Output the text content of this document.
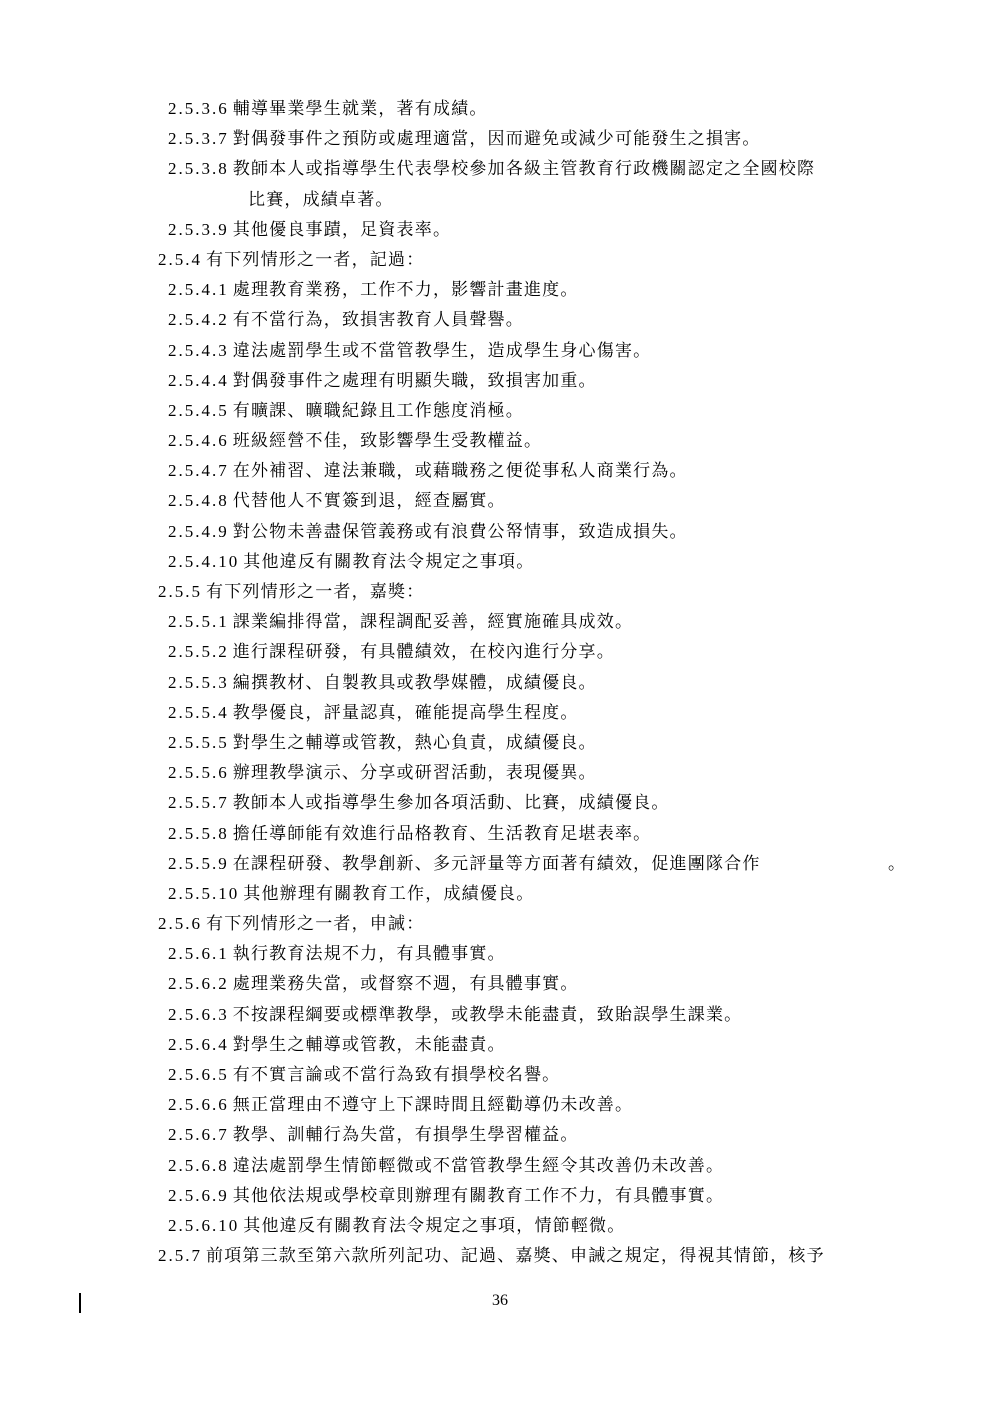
2.5.3.6 輔導畢業學生就業，著有成績。
2.5.3.7 對偶發事件之預防或處理適當，因而避免或減少可能發生之損害。
2.5.3.8 教師本人或指導學生代表學校參加各級主管教育行政機關認定之全國校際
比賽，成績卓著。
2.5.3.9 其他優良事蹟，足資表率。
2.5.4 有下列情形之一者，記過：
2.5.4.1 處理教育業務，工作不力，影響計畫進度。
2.5.4.2 有不當行為，致損害教育人員聲譽。
2.5.4.3 違法處罰學生或不當管教學生，造成學生身心傷害。
2.5.4.4 對偶發事件之處理有明顯失職，致損害加重。
2.5.4.5 有曠課、曠職紀錄且工作態度消極。
2.5.4.6 班級經營不佳，致影響學生受教權益。
2.5.4.7 在外補習、違法兼職，或藉職務之便從事私人商業行為。
2.5.4.8 代替他人不實簽到退，經查屬實。
2.5.4.9 對公物未善盡保管義務或有浪費公帑情事，致造成損失。
2.5.4.10 其他違反有關教育法令規定之事項。
2.5.5 有下列情形之一者，嘉獎：
2.5.5.1 課業編排得當，課程調配妥善，經實施確具成效。
2.5.5.2 進行課程研發，有具體績效，在校內進行分享。
2.5.5.3 編撰教材、自製教具或教學媒體，成績優良。
2.5.5.4 教學優良，評量認真，確能提高學生程度。
2.5.5.5 對學生之輔導或管教，熱心負責，成績優良。
2.5.5.6 辦理教學演示、分享或研習活動，表現優異。
2.5.5.7 教師本人或指導學生參加各項活動、比賽，成績優良。
2.5.5.8 擔任導師能有效進行品格教育、生活教育足堪表率。
2.5.5.9 在課程研發、教學創新、多元評量等方面著有績效，促進團隊合作	。
2.5.5.10 其他辦理有關教育工作，成績優良。
2.5.6 有下列情形之一者，申誡：
2.5.6.1 執行教育法規不力，有具體事實。
2.5.6.2 處理業務失當，或督察不週，有具體事實。
2.5.6.3 不按課程綱要或標準教學，或教學未能盡責，致貽誤學生課業。
2.5.6.4 對學生之輔導或管教，未能盡責。
2.5.6.5 有不實言論或不當行為致有損學校名譽。
2.5.6.6 無正當理由不遵守上下課時間且經勸導仍未改善。
2.5.6.7 教學、訓輔行為失當，有損學生學習權益。
2.5.6.8 違法處罰學生情節輕微或不當管教學生經令其改善仍未改善。
2.5.6.9 其他依法規或學校章則辦理有關教育工作不力，有具體事實。
2.5.6.10 其他違反有關教育法令規定之事項，情節輕微。
2.5.7 前項第三款至第六款所列記功、記過、嘉獎、申誡之規定，得視其情節，核予
36
